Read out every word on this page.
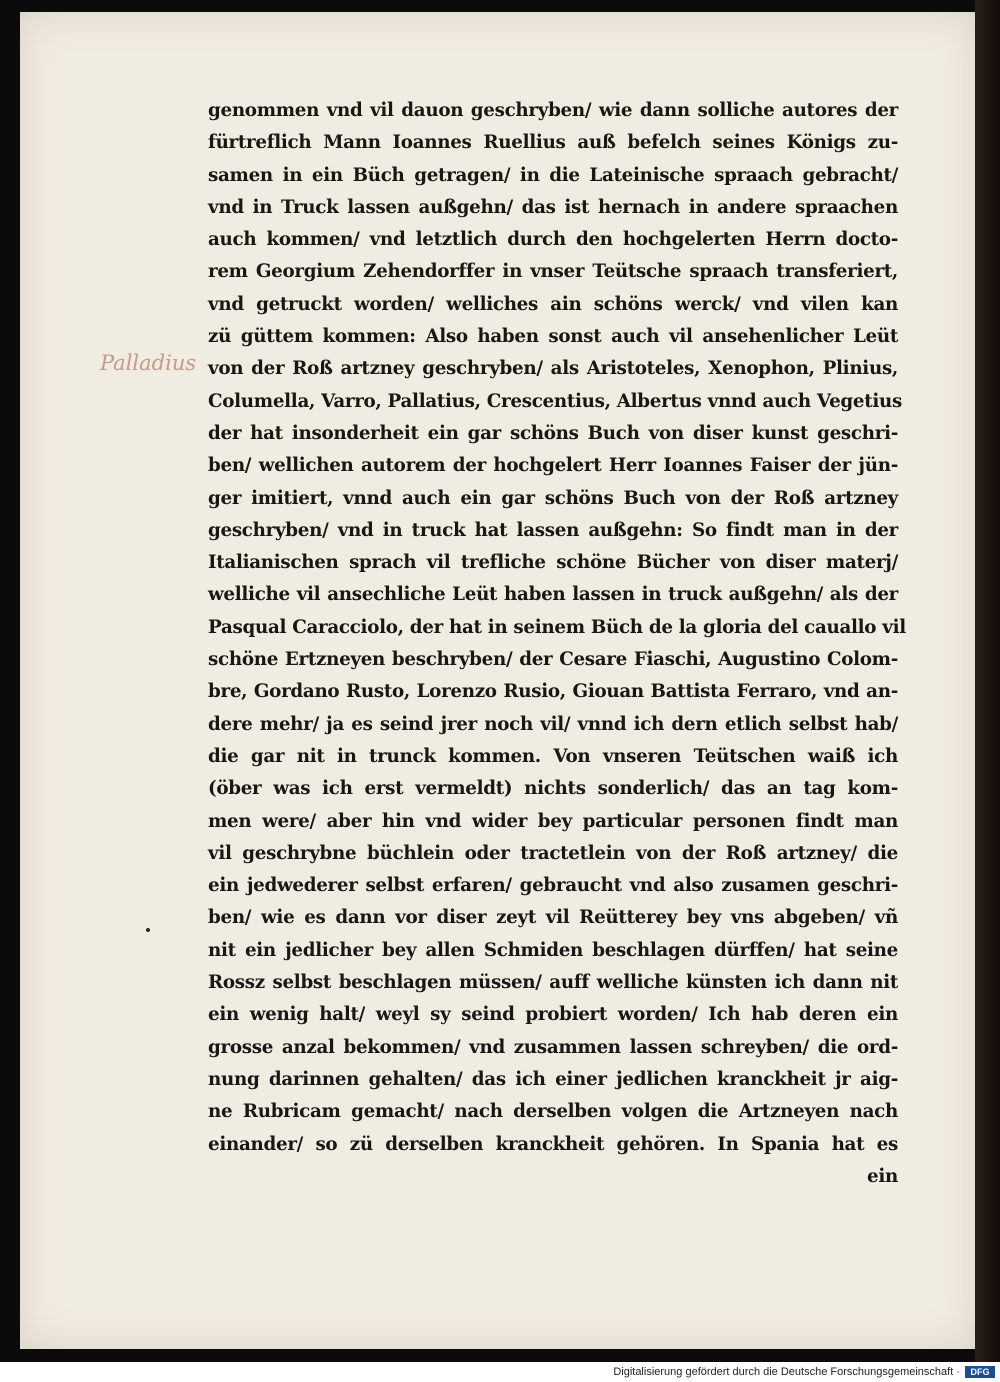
Palladius
genommen vnd vil dauon geschryben/ wie dann solliche autores der
fürtreflich Mann Ioannes Ruellius auß befelch seines Königs zu-
samen in ein Büch getragen/ in die Lateinische spraach gebracht/
vnd in Truck lassen außgehn/ das ist hernach in andere spraachen
auch kommen/ vnd letztlich durch den hochgelerten Herrn docto-
rem Georgium Zehendorffer in vnser Teütsche spraach transferiert,
vnd getruckt worden/ welliches ain schöns werck/ vnd vilen kan
zü güttem kommen: Also haben sonst auch vil ansehenlicher Leüt
von der Roß artzney geschryben/ als Aristoteles, Xenophon, Plinius,
Columella, Varro, Pallatius, Crescentius, Albertus vnnd auch Vegetius
der hat insonderheit ein gar schöns Buch von diser kunst geschri-
ben/ wellichen autorem der hochgelert Herr Ioannes Faiser der jün-
ger imitiert, vnnd auch ein gar schöns Buch von der Roß artzney
geschryben/ vnd in truck hat lassen außgehn: So findt man in der
Italianischen sprach vil trefliche schöne Bücher von diser materj/
welliche vil ansechliche Leüt haben lassen in truck außgehn/ als der
Pasqual Caracciolo, der hat in seinem Büch de la gloria del cauallo vil
schöne Ertzneyen beschryben/ der Cesare Fiaschi, Augustino Colom-
bre, Gordano Rusto, Lorenzo Rusio, Giouan Battista Ferraro, vnd an-
dere mehr/ ja es seind jrer noch vil/ vnnd ich dern etlich selbst hab/
die gar nit in trunck kommen. Von vnseren Teütschen waiß ich
(öber was ich erst vermeldt) nichts sonderlich/ das an tag kom-
men were/ aber hin vnd wider bey particular personen findt man
vil geschrybne büchlein oder tractetlein von der Roß artzney/ die
ein jedwederer selbst erfaren/ gebraucht vnd also zusamen geschri-
ben/ wie es dann vor diser zeyt vil Reütterey bey vns abgeben/ vñ
nit ein jedlicher bey allen Schmiden beschlagen dürffen/ hat seine
Rossz selbst beschlagen müssen/ auff welliche künsten ich dann nit
ein wenig halt/ weyl sy seind probiert worden/ Ich hab deren ein
grosse anzal bekommen/ vnd zusammen lassen schreyben/ die ord-
nung darinnen gehalten/ das ich einer jedlichen kranckheit jr aig-
ne Rubricam gemacht/ nach derselben volgen die Artzneyen nach
einander/ so zü derselben kranckheit gehören. In Spania hat es
ein
Digitalisierung gefördert durch die Deutsche Forschungsgemeinschaft ·	DFG
